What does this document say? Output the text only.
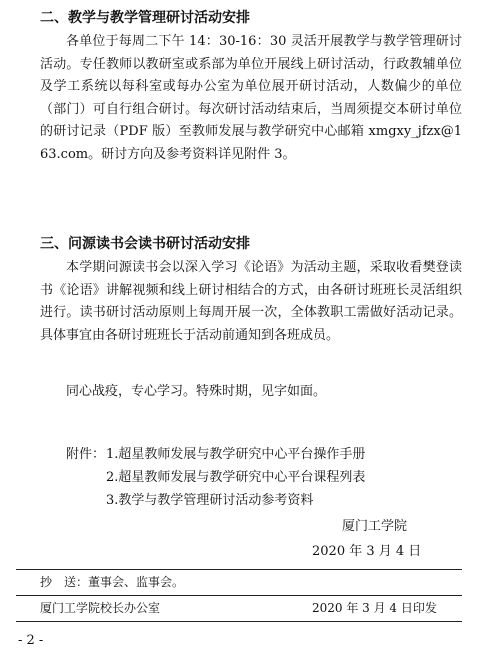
二、教学与教学管理研讨活动安排

各单位于每周二下午 14：30-16：30 灵活开展教学与教学管理研讨活动。专任教师以教研室或系部为单位开展线上研讨活动，行政教辅单位及学工系统以每科室或每办公室为单位展开研讨活动，人数偏少的单位（部门）可自行组合研讨。每次研讨活动结束后，当周须提交本研讨单位的研讨记录（PDF 版）至教师发展与教学研究中心邮箱 xmgxy_jfzx@163.com。研讨方向及参考资料详见附件 3。

三、问源读书会读书研讨活动安排

本学期问源读书会以深入学习《论语》为活动主题，采取收看樊登读书《论语》讲解视频和线上研讨相结合的方式，由各研讨班班长灵活组织进行。读书研讨活动原则上每周开展一次，全体教职工需做好活动记录。具体事宜由各研讨班班长于活动前通知到各班成员。

同心战疫，专心学习。特殊时期，见字如面。

附件： 1.超星教师发展与教学研究中心平台操作手册
2.超星教师发展与教学研究中心平台课程列表
3.教学与教学管理研讨活动参考资料
厦门工学院
2020 年 3 月 4 日
抄　送：董事会、监事会。
厦门工学院校长办公室	2020 年 3 月 4 日印发
- 2 -
